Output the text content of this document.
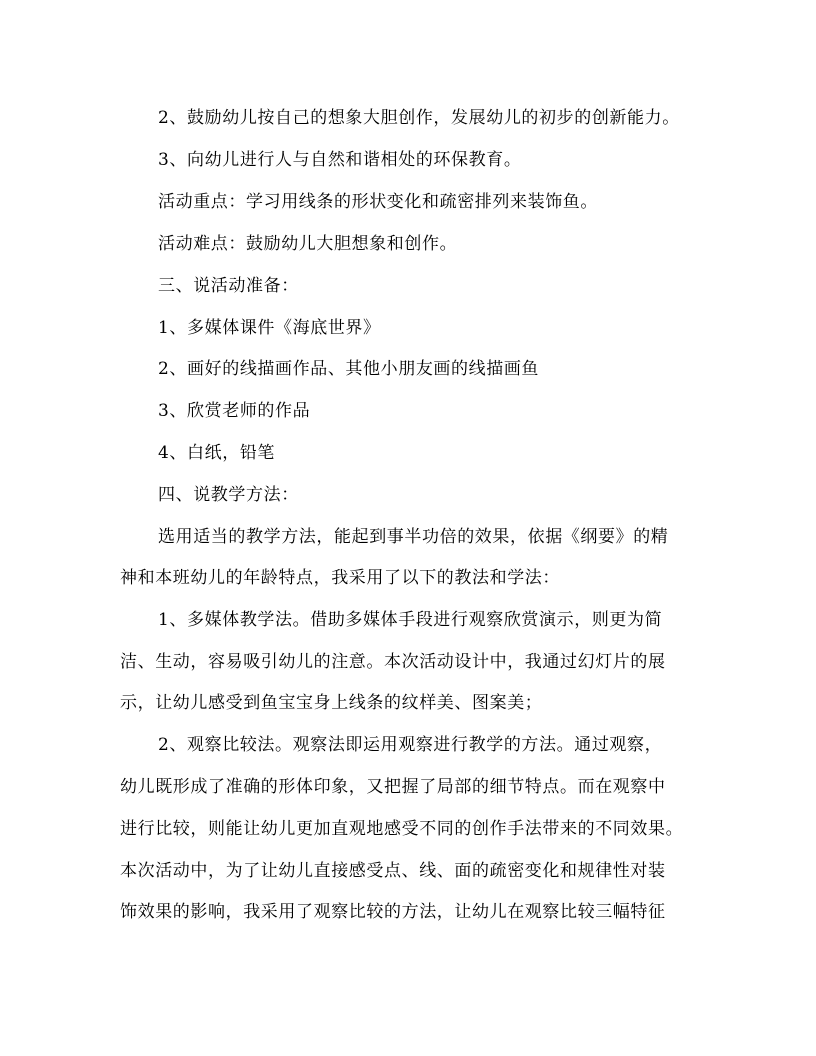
2、鼓励幼儿按自己的想象大胆创作，发展幼儿的初步的创新能力。
3、向幼儿进行人与自然和谐相处的环保教育。
活动重点：学习用线条的形状变化和疏密排列来装饰鱼。
活动难点：鼓励幼儿大胆想象和创作。
三、说活动准备：
1、多媒体课件《海底世界》
2、画好的线描画作品、其他小朋友画的线描画鱼
3、欣赏老师的作品
4、白纸，铅笔
四、说教学方法：
选用适当的教学方法，能起到事半功倍的效果，依据《纲要》的精
神和本班幼儿的年龄特点，我采用了以下的教法和学法：
1、多媒体教学法。借助多媒体手段进行观察欣赏演示，则更为简
洁、生动，容易吸引幼儿的注意。本次活动设计中，我通过幻灯片的展
示，让幼儿感受到鱼宝宝身上线条的纹样美、图案美；
2、观察比较法。观察法即运用观察进行教学的方法。通过观察，
幼儿既形成了准确的形体印象，又把握了局部的细节特点。而在观察中
进行比较，则能让幼儿更加直观地感受不同的创作手法带来的不同效果。
本次活动中，为了让幼儿直接感受点、线、面的疏密变化和规律性对装
饰效果的影响，我采用了观察比较的方法，让幼儿在观察比较三幅特征
